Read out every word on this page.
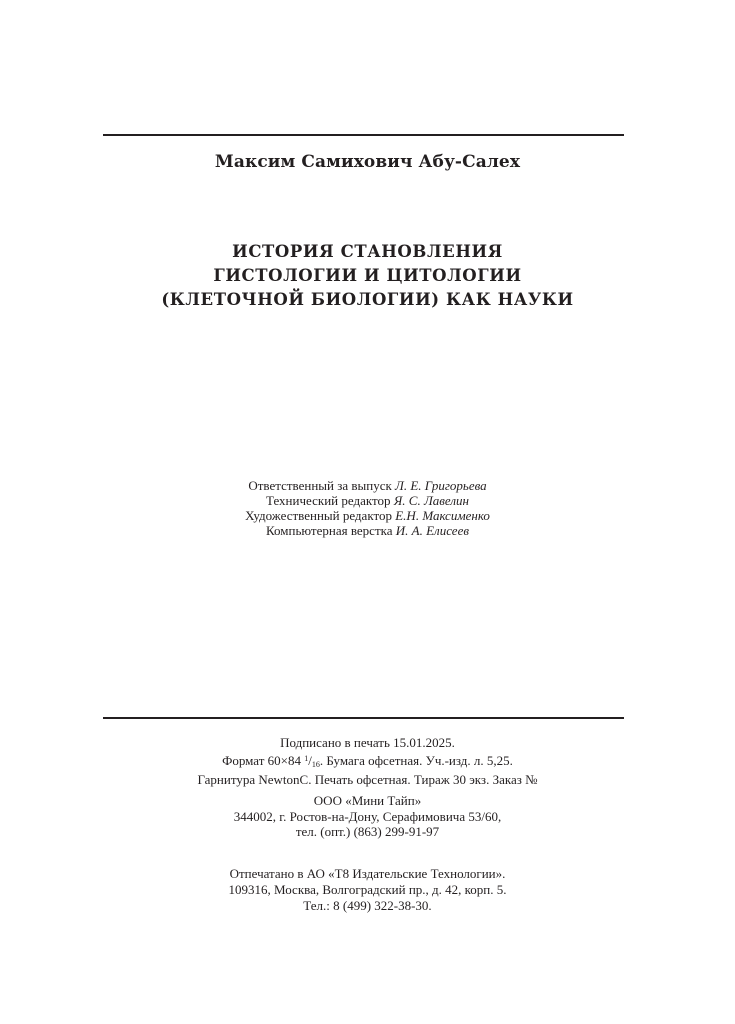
Максим Самихович Абу-Салех
ИСТОРИЯ СТАНОВЛЕНИЯ
ГИСТОЛОГИИ И ЦИТОЛОГИИ
(КЛЕТОЧНОЙ БИОЛОГИИ) КАК НАУКИ
Ответственный за выпуск Л. Е. Григорьева
Технический редактор Я. С. Лавелин
Художественный редактор Е.Н. Максименко
Компьютерная верстка И. А. Елисеев
Подписано в печать 15.01.2025.
Формат 60×84 $^1/_{16}$. Бумага офсетная. Уч.-изд. л. 5,25.
Гарнитура NewtonC. Печать офсетная. Тираж 30 экз. Заказ №
ООО «Мини Тайп»
344002, г. Ростов-на-Дону, Серафимовича 53/60,
тел. (опт.) (863) 299-91-97
Отпечатано в АО «Т8 Издательские Технологии».
109316, Москва, Волгоградский пр., д. 42, корп. 5.
Тел.: 8 (499) 322-38-30.
